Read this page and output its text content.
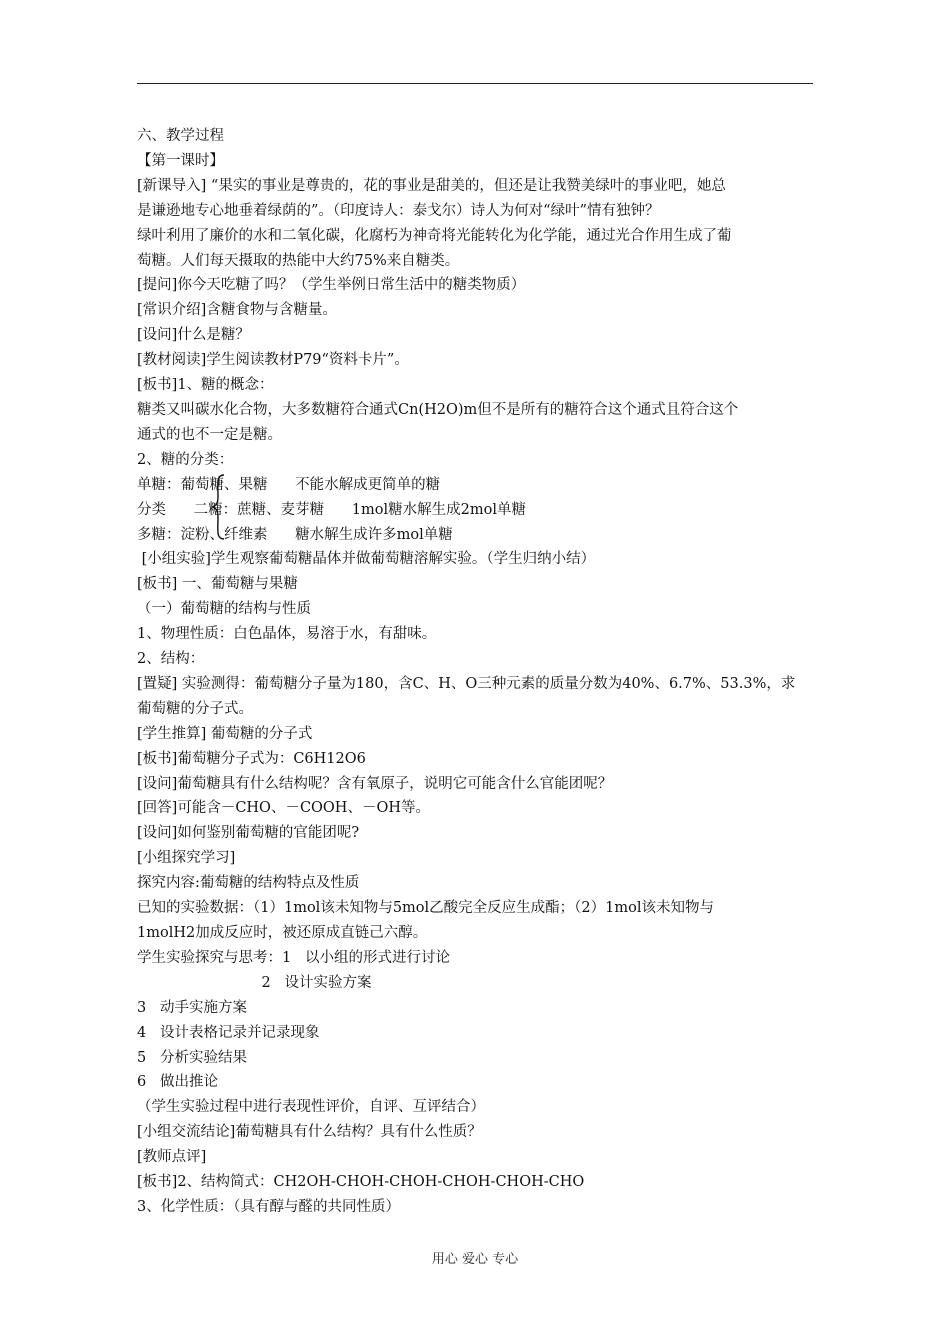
六、教学过程

【第一课时】

[新课导入] “果实的事业是尊贵的，花的事业是甜美的，但还是让我赞美绿叶的事业吧，她总

是谦逊地专心地垂着绿荫的”。（印度诗人：泰戈尔）诗人为何对“绿叶”情有独钟？

绿叶利用了廉价的水和二氧化碳，化腐朽为神奇将光能转化为化学能，通过光合作用生成了葡

萄糖。人们每天摄取的热能中大约75%来自糖类。

[提问]你今天吃糖了吗？（学生举例日常生活中的糖类物质）

[常识介绍]含糖食物与含糖量。

[设问]什么是糖？

[教材阅读]学生阅读教材P79“资料卡片”。

[板书]1、糖的概念：

糖类又叫碳水化合物，大多数糖符合通式Cn(H2O)m但不是所有的糖符合这个通式且符合这个

通式的也不一定是糖。

2、糖的分类：

单糖：葡萄糖、果糖      不能水解成更简单的糖

分类      二糖：蔗糖、麦芽糖      1mol糖水解生成2mol单糖

多糖：淀粉、纤维素      糖水解生成许多mol单糖

[小组实验]学生观察葡萄糖晶体并做葡萄糖溶解实验。（学生归纳小结）

[板书] 一、葡萄糖与果糖

（一）葡萄糖的结构与性质

1、物理性质：白色晶体，易溶于水，有甜味。

2、结构：

[置疑] 实验测得：葡萄糖分子量为180，含C、H、O三种元素的质量分数为40%、6.7%、53.3%，求

葡萄糖的分子式。

[学生推算] 葡萄糖的分子式

[板书]葡萄糖分子式为：C6H12O6

[设问]葡萄糖具有什么结构呢？含有氧原子，说明它可能含什么官能团呢？

[回答]可能含－CHO、－COOH、－OH等。

[设问]如何鉴别葡萄糖的官能团呢?

[小组探究学习]

探究内容:葡萄糖的结构特点及性质

已知的实验数据：（1）1mol该未知物与5mol乙酸完全反应生成酯；（2）1mol该未知物与

1molH2加成反应时，被还原成直链己六醇。

学生实验探究与思考：1   以小组的形式进行讨论

2   设计实验方案

3   动手实施方案

4   设计表格记录并记录现象

5   分析实验结果

6   做出推论

（学生实验过程中进行表现性评价，自评、互评结合）

[小组交流结论]葡萄糖具有什么结构？具有什么性质？

[教师点评]

[板书]2、结构简式：CH2OH-CHOH-CHOH-CHOH-CHOH-CHO

3、化学性质：（具有醇与醛的共同性质）

用心 爱心 专心
